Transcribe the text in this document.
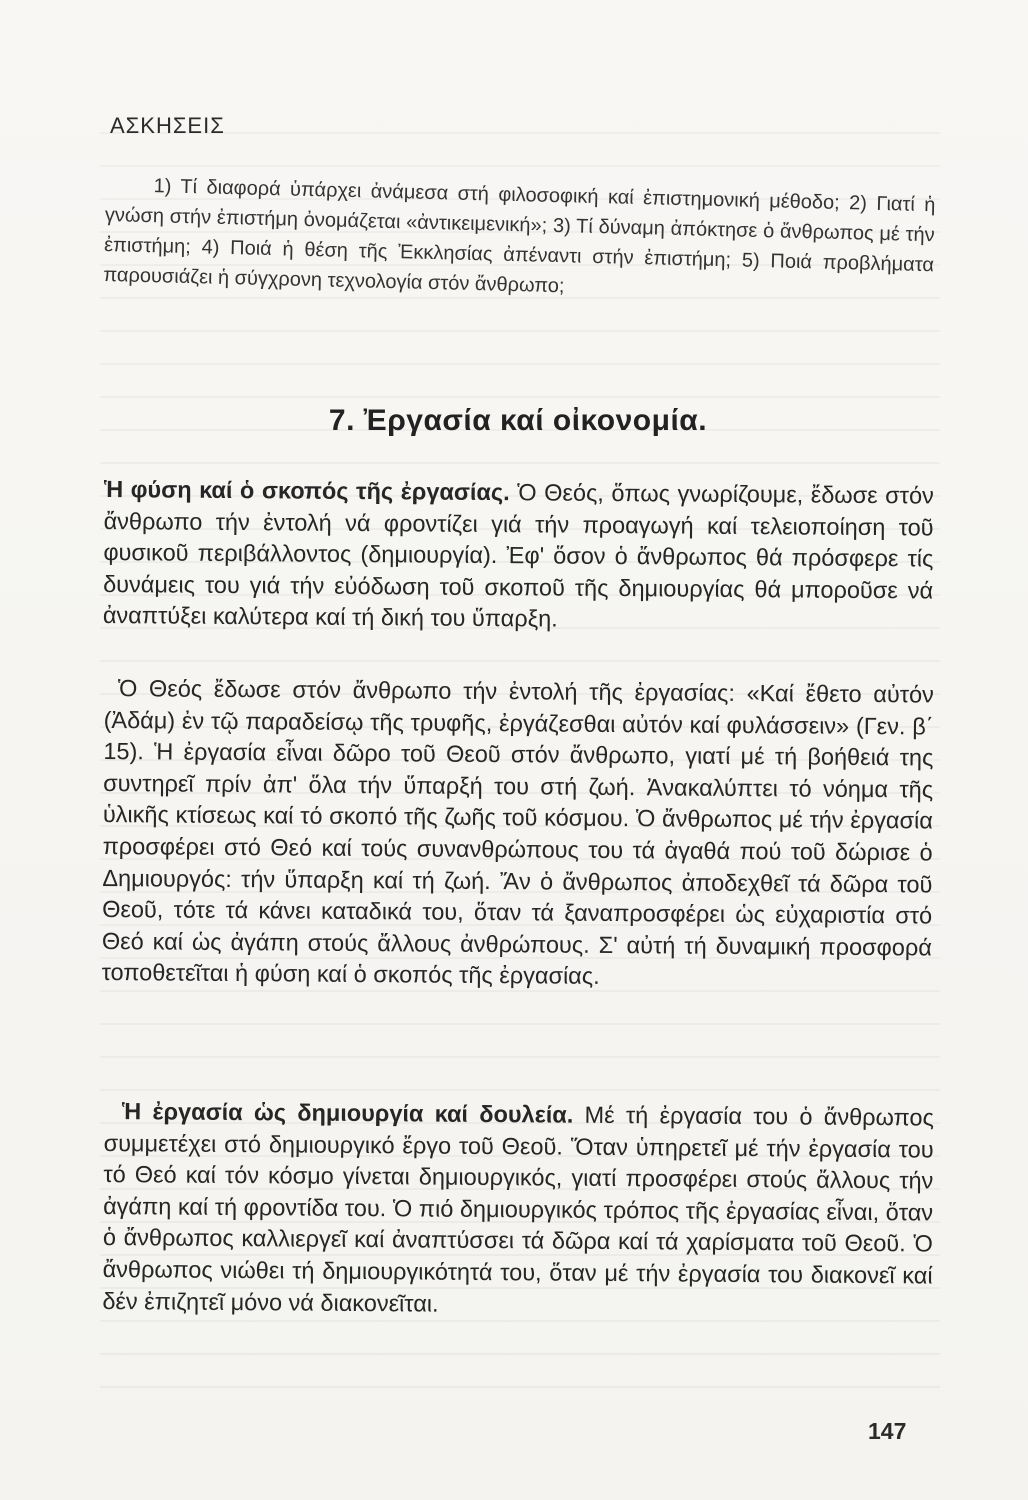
ΑΣΚΗΣΕΙΣ

1) Τί διαφορά ὑπάρχει ἀνάμεσα στή φιλοσοφική καί ἐπιστημονική μέθοδο; 2) Γιατί ἡ γνώση στήν ἐπιστήμη ὀνομάζεται «ἀντικειμενική»; 3) Τί δύναμη ἀπόκτησε ὁ ἄνθρωπος μέ τήν ἐπιστήμη; 4) Ποιά ἡ θέση τῆς Ἐκκλησίας ἀπέναντι στήν ἐπιστήμη; 5) Ποιά προβλήματα παρουσιάζει ἡ σύγχρονη τεχνολογία στόν ἄνθρωπο;

7. Ἐργασία καί οἰκονομία.

Ἡ φύση καί ὁ σκοπός τῆς ἐργασίας. Ὁ Θεός, ὅπως γνωρίζουμε, ἔδωσε στόν ἄνθρωπο τήν ἐντολή νά φροντίζει γιά τήν προαγωγή καί τελειοποίηση τοῦ φυσικοῦ περιβάλλοντος (δημιουργία). Ἐφ' ὅσον ὁ ἄνθρωπος θά πρόσφερε τίς δυνάμεις του γιά τήν εὐόδωση τοῦ σκοποῦ τῆς δημιουργίας θά μποροῦσε νά ἀναπτύξει καλύτερα καί τή δική του ὕπαρξη.

Ὁ Θεός ἔδωσε στόν ἄνθρωπο τήν ἐντολή τῆς ἐργασίας: «Καί ἔθετο αὐτόν (Ἀδάμ) ἐν τῷ παραδείσῳ τῆς τρυφῆς, ἐργάζεσθαι αὐτόν καί φυλάσσειν» (Γεν. β΄ 15). Ἡ ἐργασία εἶναι δῶρο τοῦ Θεοῦ στόν ἄνθρωπο, γιατί μέ τή βοήθειά της συντηρεῖ πρίν ἀπ' ὅλα τήν ὕπαρξή του στή ζωή. Ἀνακαλύπτει τό νόημα τῆς ὑλικῆς κτίσεως καί τό σκοπό τῆς ζωῆς τοῦ κόσμου. Ὁ ἄνθρωπος μέ τήν ἐργασία προσφέρει στό Θεό καί τούς συνανθρώπους του τά ἀγαθά πού τοῦ δώρισε ὁ Δημιουργός: τήν ὕπαρξη καί τή ζωή. Ἄν ὁ ἄνθρωπος ἀποδεχθεῖ τά δῶρα τοῦ Θεοῦ, τότε τά κάνει καταδικά του, ὅταν τά ξαναπροσφέρει ὡς εὐχαριστία στό Θεό καί ὡς ἀγάπη στούς ἄλλους ἀνθρώπους. Σ' αὐτή τή δυναμική προσφορά τοποθετεῖται ἡ φύση καί ὁ σκοπός τῆς ἐργασίας.

Ἡ ἐργασία ὡς δημιουργία καί δουλεία. Μέ τή ἐργασία του ὁ ἄνθρωπος συμμετέχει στό δημιουργικό ἔργο τοῦ Θεοῦ. Ὅταν ὑπηρετεῖ μέ τήν ἐργασία του τό Θεό καί τόν κόσμο γίνεται δημιουργικός, γιατί προσφέρει στούς ἄλλους τήν ἀγάπη καί τή φροντίδα του. Ὁ πιό δημιουργικός τρόπος τῆς ἐργασίας εἶναι, ὅταν ὁ ἄνθρωπος καλλιεργεῖ καί ἀναπτύσσει τά δῶρα καί τά χαρίσματα τοῦ Θεοῦ. Ὁ ἄνθρωπος νιώθει τή δημιουργικότητά του, ὅταν μέ τήν ἐργασία του διακονεῖ καί δέν ἐπιζητεῖ μόνο νά διακονεῖται.

147
